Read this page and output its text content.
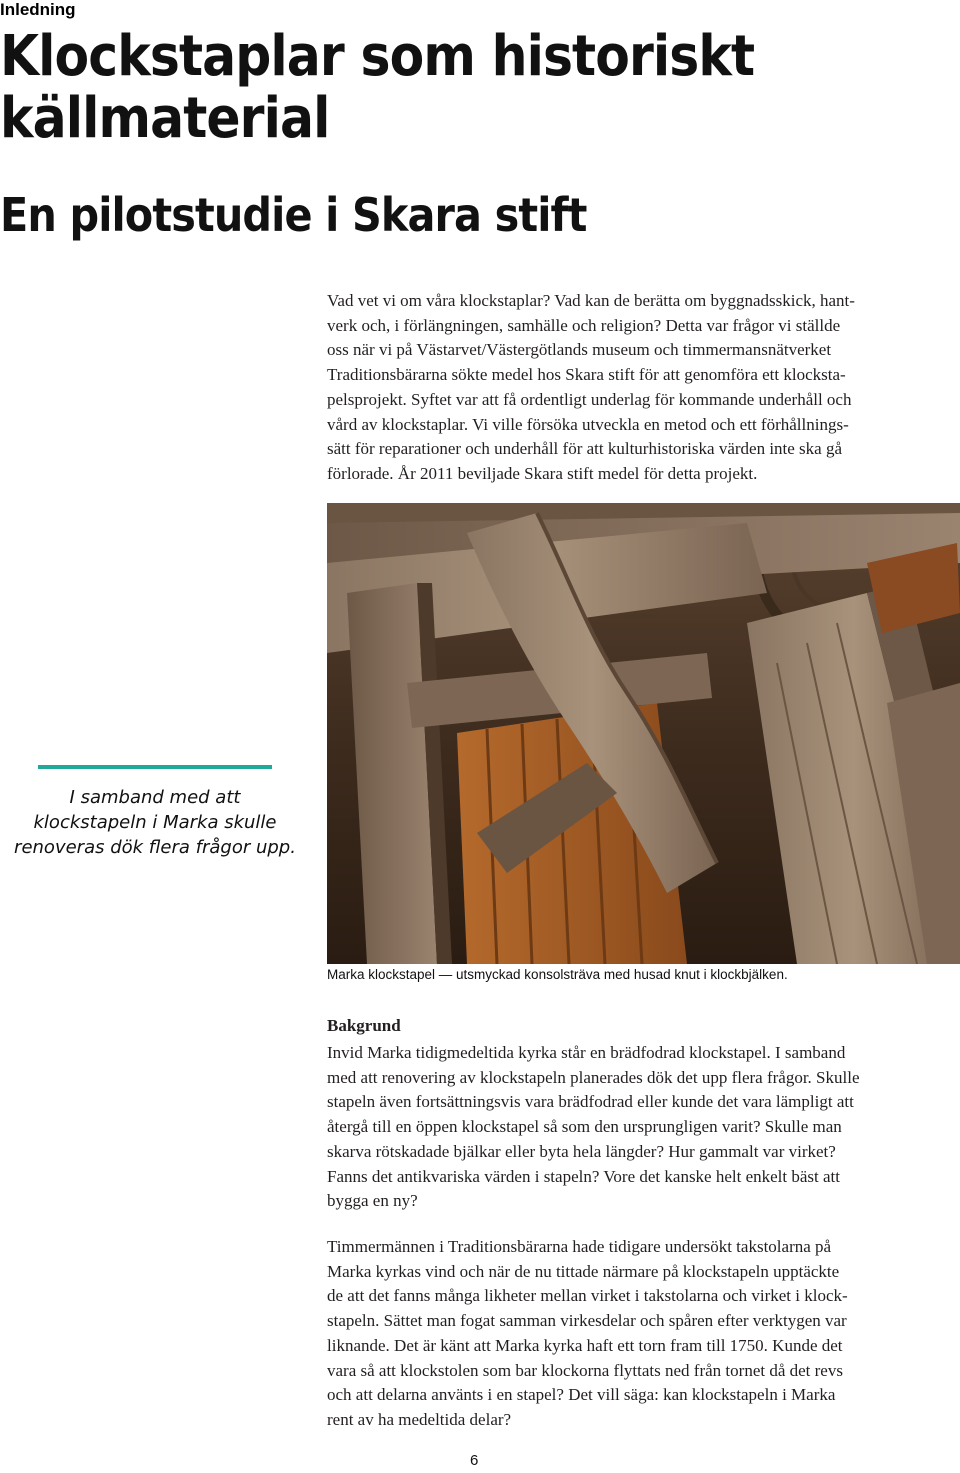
Inledning
Klockstaplar som historiskt
källmaterial
En pilotstudie i Skara stift

Vad vet vi om våra klockstaplar? Vad kan de berätta om byggnadsskick, hant-
verk och, i förlängningen, samhälle och religion? Detta var frågor vi ställde
oss när vi på Västarvet/Västergötlands museum och timmermansnätverket
Traditionsbärarna sökte medel hos Skara stift för att genomföra ett klocksta-
pelsprojekt. Syftet var att få ordentligt underlag för kommande underhåll och
vård av klockstaplar. Vi ville försöka utveckla en metod och ett förhållnings-
sätt för reparationer och underhåll för att kulturhistoriska värden inte ska gå
förlorade. År 2011 beviljade Skara stift medel för detta projekt.

Marka klockstapel — utsmyckad konsolsträva med husad knut i klockbjälken.
I samband med att
klockstapeln i Marka skulle
renoveras dök flera frågor upp.
Bakgrund

Invid Marka tidigmedeltida kyrka står en brädfodrad klockstapel. I samband
med att renovering av klockstapeln planerades dök det upp flera frågor. Skulle
stapeln även fortsättningsvis vara brädfodrad eller kunde det vara lämpligt att
återgå till en öppen klockstapel så som den ursprungligen varit? Skulle man
skarva rötskadade bjälkar eller byta hela längder? Hur gammalt var virket?
Fanns det antikvariska värden i stapeln? Vore det kanske helt enkelt bäst att
bygga en ny?

Timmermännen i Traditionsbärarna hade tidigare undersökt takstolarna på
Marka kyrkas vind och när de nu tittade närmare på klockstapeln upptäckte
de att det fanns många likheter mellan virket i takstolarna och virket i klock-
stapeln. Sättet man fogat samman virkesdelar och spåren efter verktygen var
liknande. Det är känt att Marka kyrka haft ett torn fram till 1750. Kunde det
vara så att klockstolen som bar klockorna flyttats ned från tornet då det revs
och att delarna använts i en stapel? Det vill säga: kan klockstapeln i Marka
rent av ha medeltida delar?

6
